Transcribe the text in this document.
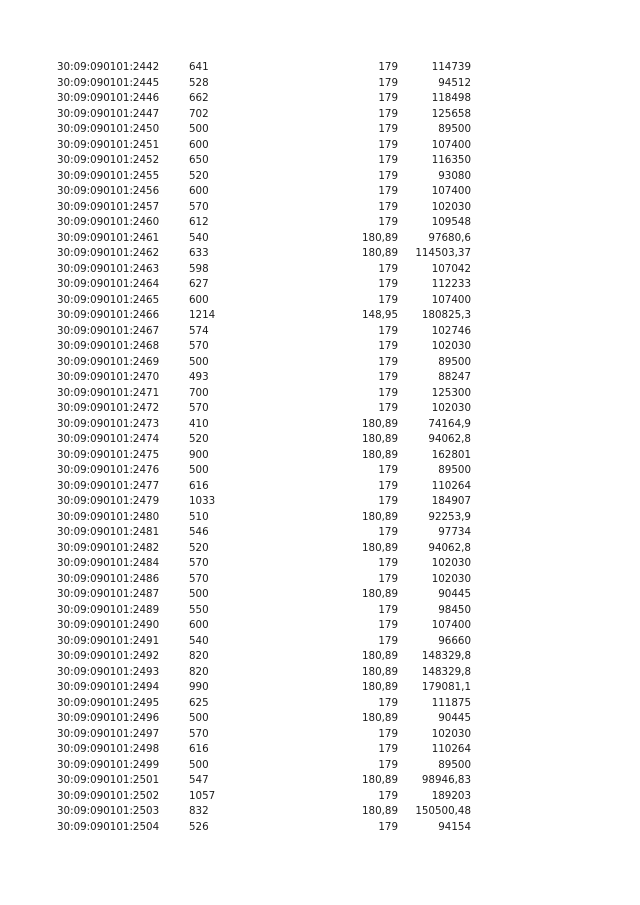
30:09:090101:2442	641	179	114739
30:09:090101:2445	528	179	94512
30:09:090101:2446	662	179	118498
30:09:090101:2447	702	179	125658
30:09:090101:2450	500	179	89500
30:09:090101:2451	600	179	107400
30:09:090101:2452	650	179	116350
30:09:090101:2455	520	179	93080
30:09:090101:2456	600	179	107400
30:09:090101:2457	570	179	102030
30:09:090101:2460	612	179	109548
30:09:090101:2461	540	180,89	97680,6
30:09:090101:2462	633	180,89 114503,37
30:09:090101:2463	598	179	107042
30:09:090101:2464	627	179	112233
30:09:090101:2465	600	179	107400
30:09:090101:2466	1214	148,95 180825,3
30:09:090101:2467	574	179	102746
30:09:090101:2468	570	179	102030
30:09:090101:2469	500	179	89500
30:09:090101:2470	493	179	88247
30:09:090101:2471	700	179	125300
30:09:090101:2472	570	179	102030
30:09:090101:2473	410	180,89	74164,9
30:09:090101:2474	520	180,89	94062,8
30:09:090101:2475	900	180,89	162801
30:09:090101:2476	500	179	89500
30:09:090101:2477	616	179	110264
30:09:090101:2479	1033	179	184907
30:09:090101:2480	510	180,89	92253,9
30:09:090101:2481	546	179	97734
30:09:090101:2482	520	180,89	94062,8
30:09:090101:2484	570	179	102030
30:09:090101:2486	570	179	102030
30:09:090101:2487	500	180,89	90445
30:09:090101:2489	550	179	98450
30:09:090101:2490	600	179	107400
30:09:090101:2491	540	179	96660
30:09:090101:2492	820	180,89 148329,8
30:09:090101:2493	820	180,89 148329,8
30:09:090101:2494	990	180,89 179081,1
30:09:090101:2495	625	179	111875
30:09:090101:2496	500	180,89	90445
30:09:090101:2497	570	179	102030
30:09:090101:2498	616	179	110264
30:09:090101:2499	500	179	89500
30:09:090101:2501	547	180,89 98946,83
30:09:090101:2502	1057	179	189203
30:09:090101:2503	832	180,89 150500,48
30:09:090101:2504	526	179	94154
